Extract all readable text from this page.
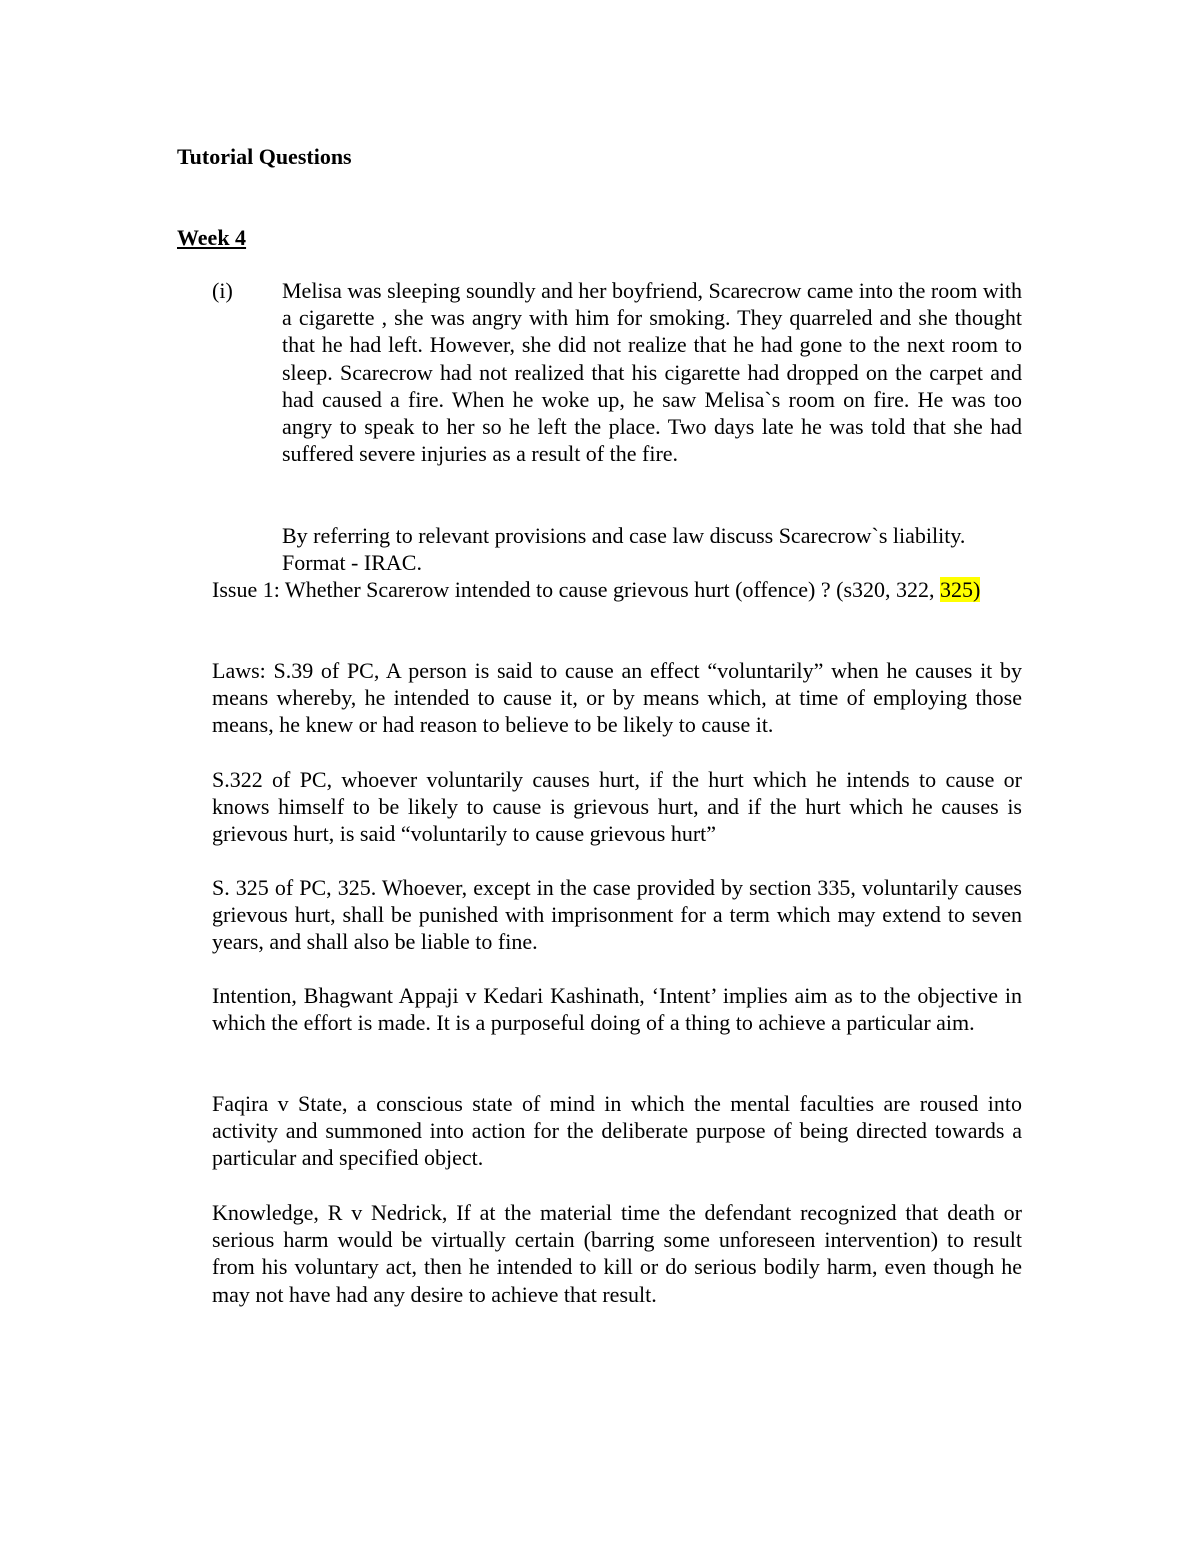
Tutorial Questions
Week 4
(i) Melisa was sleeping soundly and her boyfriend, Scarecrow came into the room with a cigarette , she was angry with him for smoking. They quarreled and she thought that he had left. However, she did not realize that he had gone to the next room to sleep. Scarecrow had not realized that his cigarette had dropped on the carpet and had caused a fire. When he woke up, he saw Melisa`s room on fire. He was too angry to speak to her so he left the place. Two days late he was told that she had suffered severe injuries as a result of the fire.
By referring to relevant provisions and case law discuss Scarecrow`s liability.
Format - IRAC.
Issue 1: Whether Scarerow intended to cause grievous hurt (offence) ? (s320, 322, 325)
Laws: S.39 of PC, A person is said to cause an effect “voluntarily” when he causes it by means whereby, he intended to cause it, or by means which, at time of employing those means, he knew or had reason to believe to be likely to cause it.
S.322 of PC, whoever voluntarily causes hurt, if the hurt which he intends to cause or knows himself to be likely to cause is grievous hurt, and if the hurt which he causes is grievous hurt, is said “voluntarily to cause grievous hurt”
S. 325 of PC, 325. Whoever, except in the case provided by section 335, voluntarily causes grievous hurt, shall be punished with imprisonment for a term which may extend to seven years, and shall also be liable to fine.
Intention, Bhagwant Appaji v Kedari Kashinath, ‘Intent’ implies aim as to the objective in which the effort is made. It is a purposeful doing of a thing to achieve a particular aim.
Faqira v State, a conscious state of mind in which the mental faculties are roused into activity and summoned into action for the deliberate purpose of being directed towards a particular and specified object.
Knowledge, R v Nedrick, If at the material time the defendant recognized that death or serious harm would be virtually certain (barring some unforeseen intervention) to result from his voluntary act, then he intended to kill or do serious bodily harm, even though he may not have had any desire to achieve that result.
